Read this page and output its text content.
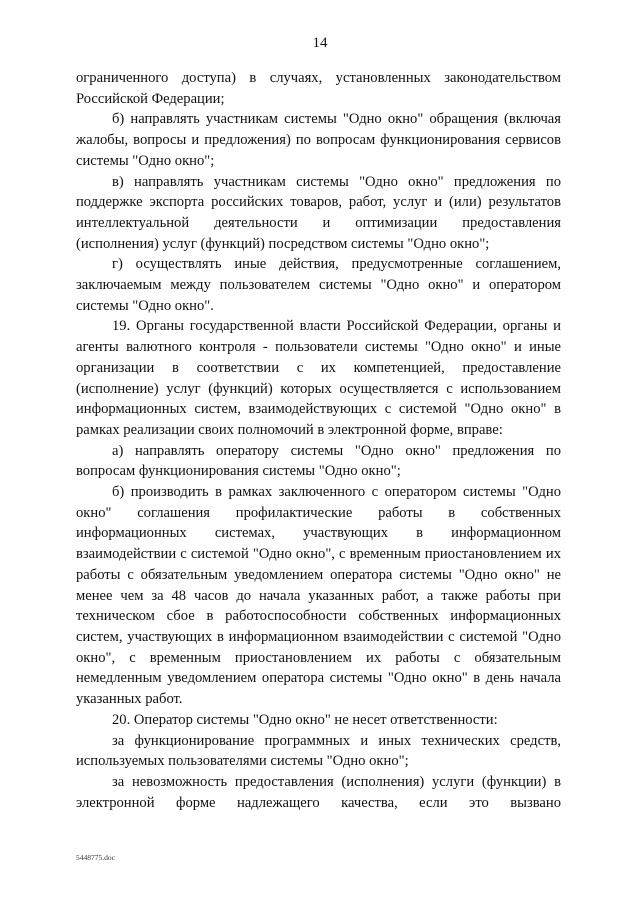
14

ограниченного доступа) в случаях, установленных законодательством Российской Федерации;

б) направлять участникам системы "Одно окно" обращения (включая жалобы, вопросы и предложения) по вопросам функционирования сервисов системы "Одно окно";

в) направлять участникам системы "Одно окно" предложения по поддержке экспорта российских товаров, работ, услуг и (или) результатов интеллектуальной деятельности и оптимизации предоставления (исполнения) услуг (функций) посредством системы "Одно окно";

г) осуществлять иные действия, предусмотренные соглашением, заключаемым между пользователем системы "Одно окно" и оператором системы "Одно окно".

19. Органы государственной власти Российской Федерации, органы и агенты валютного контроля - пользователи системы "Одно окно" и иные организации в соответствии с их компетенцией, предоставление (исполнение) услуг (функций) которых осуществляется с использованием информационных систем, взаимодействующих с системой "Одно окно" в рамках реализации своих полномочий в электронной форме, вправе:

а) направлять оператору системы "Одно окно" предложения по вопросам функционирования системы "Одно окно";

б) производить в рамках заключенного с оператором системы "Одно окно" соглашения профилактические работы в собственных информационных системах, участвующих в информационном взаимодействии с системой "Одно окно", с временным приостановлением их работы с обязательным уведомлением оператора системы "Одно окно" не менее чем за 48 часов до начала указанных работ, а также работы при техническом сбое в работоспособности собственных информационных систем, участвующих в информационном взаимодействии с системой "Одно окно", с временным приостановлением их работы с обязательным немедленным уведомлением оператора системы "Одно окно" в день начала указанных работ.

20. Оператор системы "Одно окно" не несет ответственности:

за функционирование программных и иных технических средств, используемых пользователями системы "Одно окно";

за невозможность предоставления (исполнения) услуги (функции) в электронной форме надлежащего качества, если это вызвано

5448775.doc
